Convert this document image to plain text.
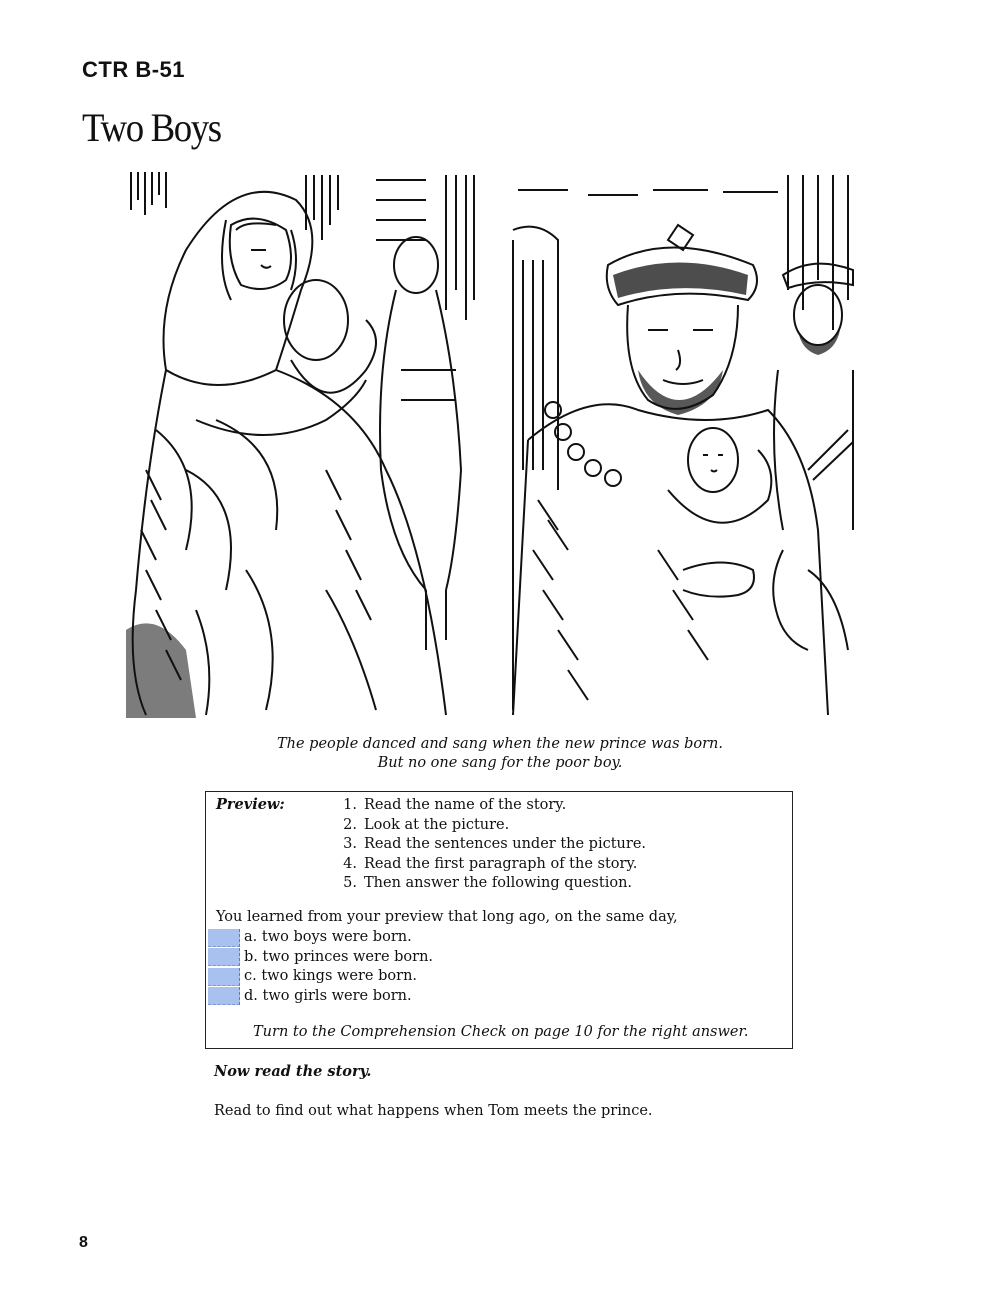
CTR B-51
Two Boys
The people danced and sang when the new prince was born.
But no one sang for the poor boy.
Preview:	1. Read the name of the story.
2. Look at the picture.
3. Read the sentences under the picture.
4. Read the first paragraph of the story.
5. Then answer the following question.
You learned from your preview that long ago, on the same day,
a. two boys were born.
b. two princes were born.
c. two kings were born.
d. two girls were born.
Turn to the Comprehension Check on page 10 for the right answer.
Now read the story.
Read to find out what happens when Tom meets the prince.
8
